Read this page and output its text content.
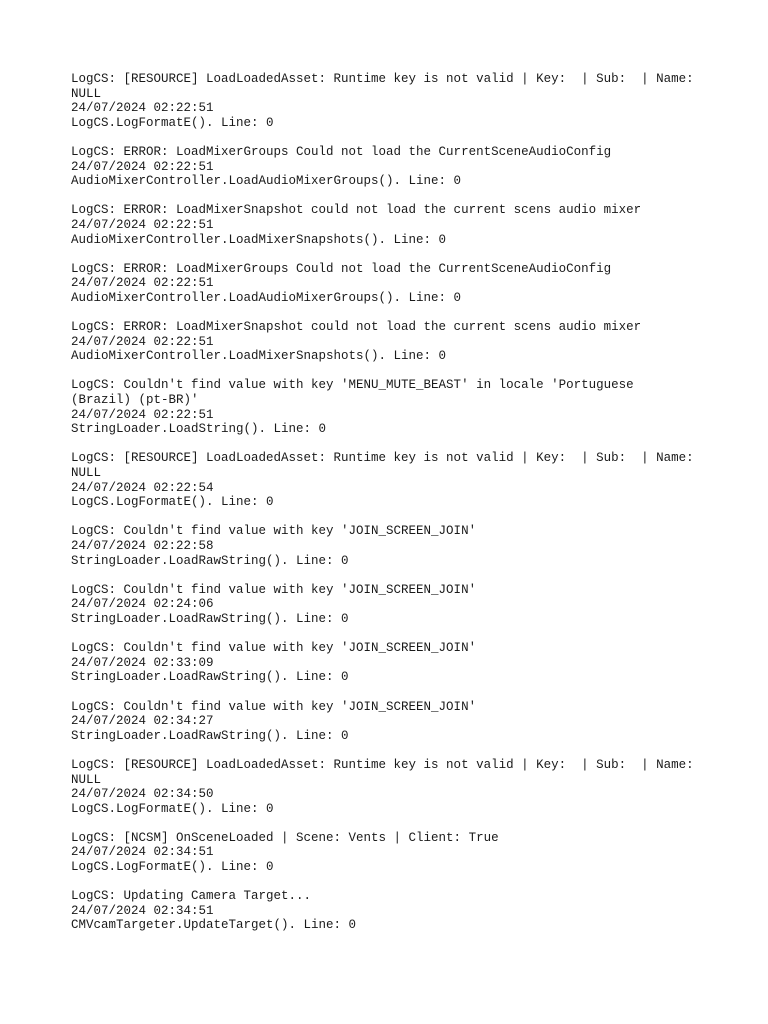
LogCS: [RESOURCE] LoadLoadedAsset: Runtime key is not valid | Key:  | Sub:  | Name:
NULL
24/07/2024 02:22:51
LogCS.LogFormatE(). Line: 0
LogCS: ERROR: LoadMixerGroups Could not load the CurrentSceneAudioConfig
24/07/2024 02:22:51
AudioMixerController.LoadAudioMixerGroups(). Line: 0
LogCS: ERROR: LoadMixerSnapshot could not load the current scens audio mixer
24/07/2024 02:22:51
AudioMixerController.LoadMixerSnapshots(). Line: 0
LogCS: ERROR: LoadMixerGroups Could not load the CurrentSceneAudioConfig
24/07/2024 02:22:51
AudioMixerController.LoadAudioMixerGroups(). Line: 0
LogCS: ERROR: LoadMixerSnapshot could not load the current scens audio mixer
24/07/2024 02:22:51
AudioMixerController.LoadMixerSnapshots(). Line: 0
LogCS: Couldn't find value with key 'MENU_MUTE_BEAST' in locale 'Portuguese
(Brazil) (pt-BR)'
24/07/2024 02:22:51
StringLoader.LoadString(). Line: 0
LogCS: [RESOURCE] LoadLoadedAsset: Runtime key is not valid | Key:  | Sub:  | Name:
NULL
24/07/2024 02:22:54
LogCS.LogFormatE(). Line: 0
LogCS: Couldn't find value with key 'JOIN_SCREEN_JOIN'
24/07/2024 02:22:58
StringLoader.LoadRawString(). Line: 0
LogCS: Couldn't find value with key 'JOIN_SCREEN_JOIN'
24/07/2024 02:24:06
StringLoader.LoadRawString(). Line: 0
LogCS: Couldn't find value with key 'JOIN_SCREEN_JOIN'
24/07/2024 02:33:09
StringLoader.LoadRawString(). Line: 0
LogCS: Couldn't find value with key 'JOIN_SCREEN_JOIN'
24/07/2024 02:34:27
StringLoader.LoadRawString(). Line: 0
LogCS: [RESOURCE] LoadLoadedAsset: Runtime key is not valid | Key:  | Sub:  | Name:
NULL
24/07/2024 02:34:50
LogCS.LogFormatE(). Line: 0
LogCS: [NCSM] OnSceneLoaded | Scene: Vents | Client: True
24/07/2024 02:34:51
LogCS.LogFormatE(). Line: 0
LogCS: Updating Camera Target...
24/07/2024 02:34:51
CMVcamTargeter.UpdateTarget(). Line: 0
